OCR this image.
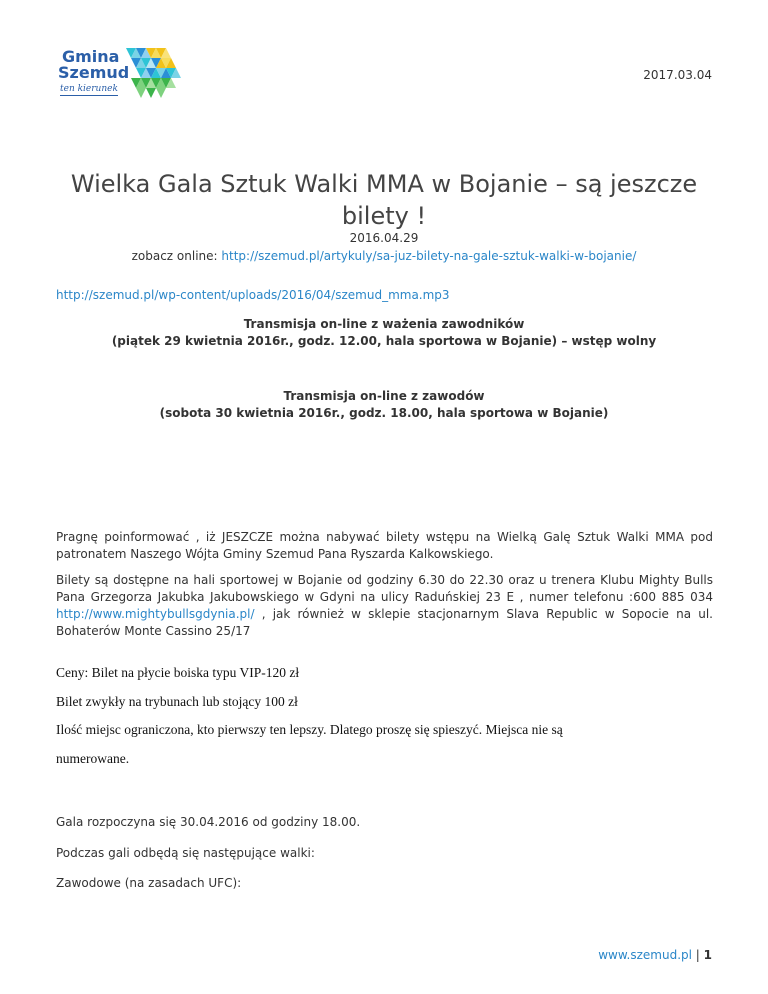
Gmina
Szemud
ten kierunek
2017.03.04
Wielka Gala Sztuk Walki MMA w Bojanie – są jeszcze bilety !
2016.04.29
zobacz online: http://szemud.pl/artykuly/sa-juz-bilety-na-gale-sztuk-walki-w-bojanie/
http://szemud.pl/wp-content/uploads/2016/04/szemud_mma.mp3
Transmisja on-line z ważenia zawodników
(piątek 29 kwietnia 2016r., godz. 12.00, hala sportowa w Bojanie) – wstęp wolny
Transmisja on-line z zawodów
(sobota 30 kwietnia 2016r., godz. 18.00, hala sportowa w Bojanie)

Pragnę poinformować , iż JESZCZE można nabywać bilety wstępu na Wielką Galę Sztuk Walki MMA pod patronatem Naszego Wójta Gminy Szemud Pana Ryszarda Kalkowskiego.

Bilety są dostępne na hali sportowej w Bojanie od godziny 6.30 do 22.30 oraz u trenera Klubu Mighty Bulls Pana Grzegorza Jakubka Jakubowskiego w Gdyni na ulicy Raduńskiej 23 E , numer telefonu :600 885 034 http://www.mightybullsgdynia.pl/ , jak również w sklepie stacjonarnym Slava Republic w Sopocie na ul. Bohaterów Monte Cassino 25/17

Ceny: Bilet na płycie boiska typu VIP-120 zł

Bilet zwykły na trybunach lub stojący 100 zł

Ilość miejsc ograniczona, kto pierwszy ten lepszy. Dlatego proszę się spieszyć. Miejsca nie są

numerowane.

Gala rozpoczyna się 30.04.2016 od godziny 18.00.

Podczas gali odbędą się następujące walki:

Zawodowe (na zasadach UFC):

www.szemud.pl | 1
